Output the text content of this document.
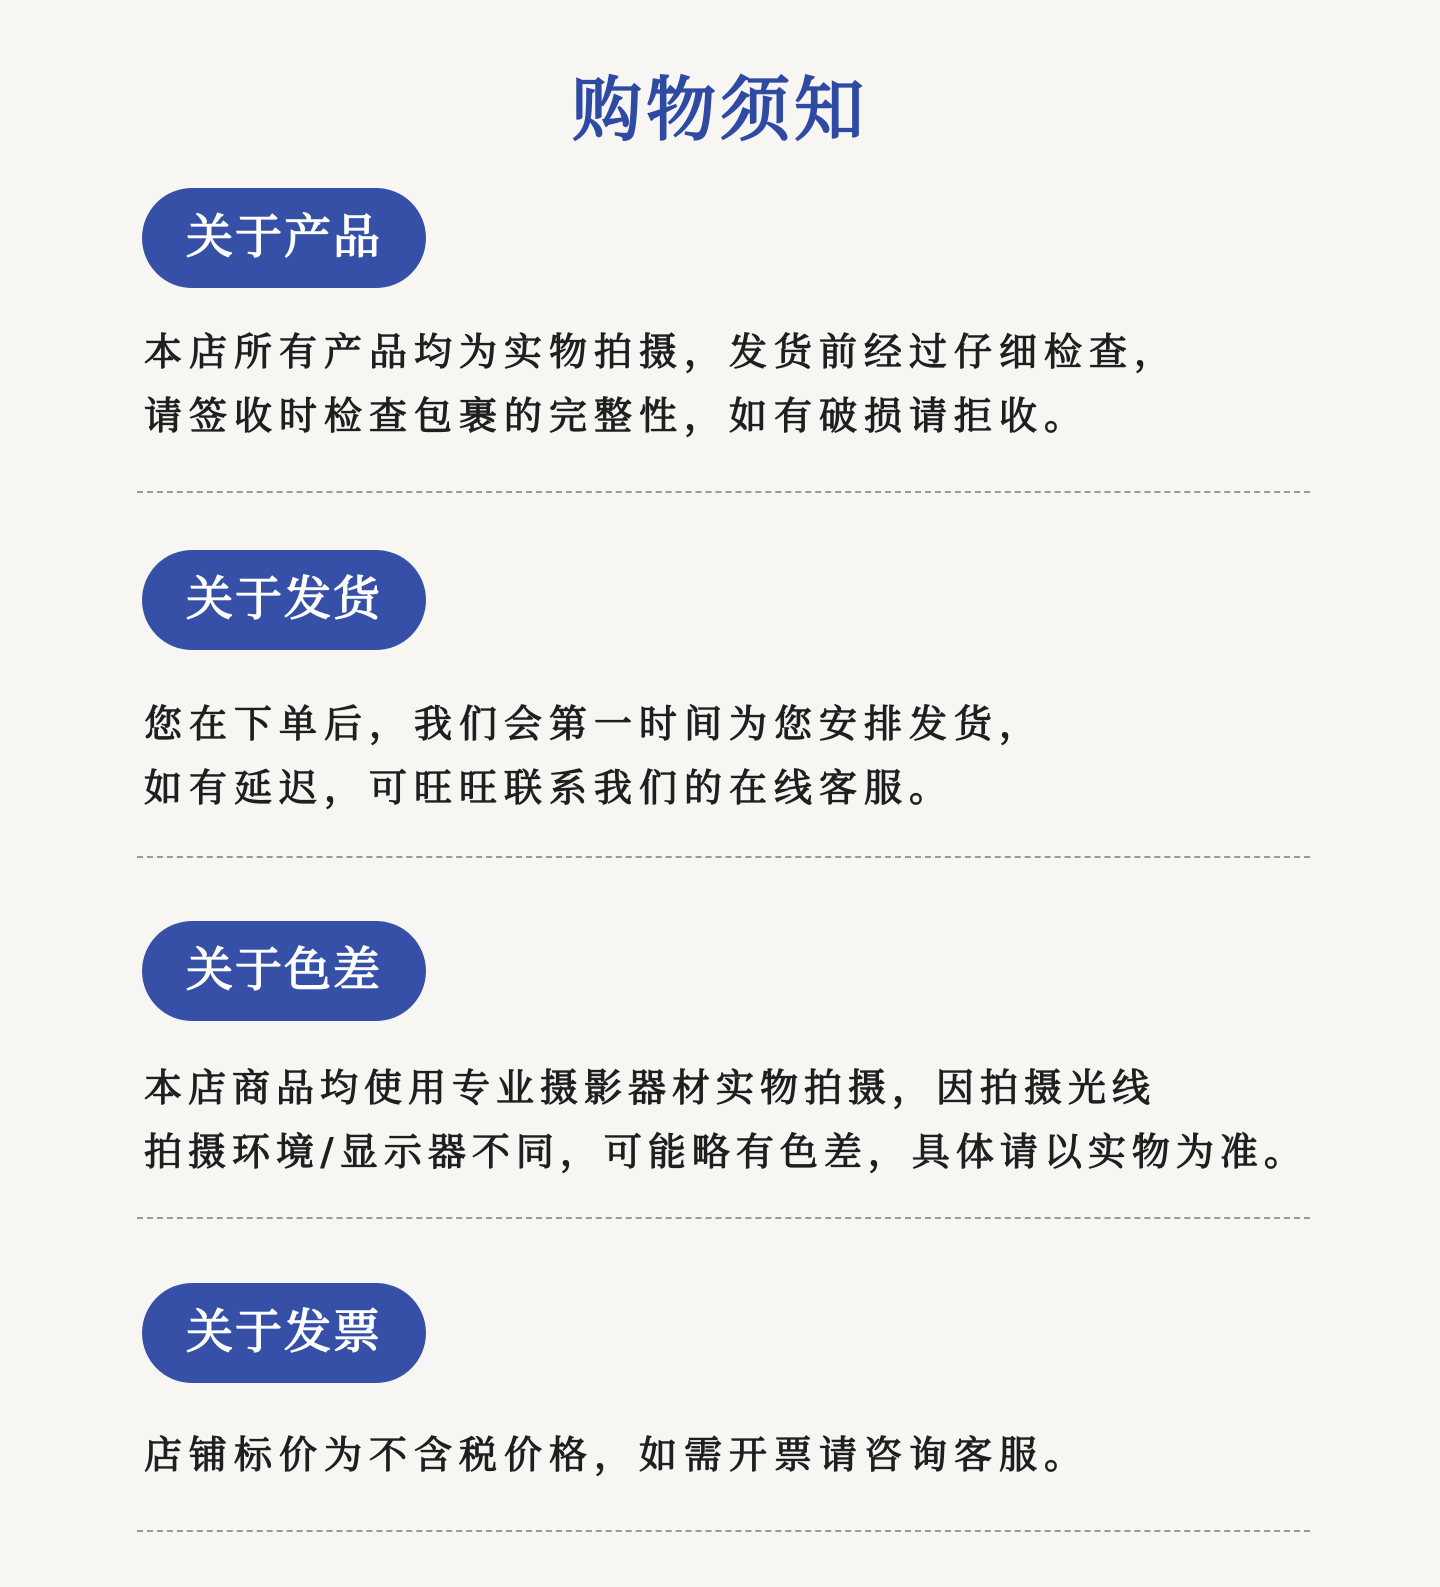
购物须知
关于产品

本店所有产品均为实物拍摄，发货前经过仔细检查，
请签收时检查包裹的完整性，如有破损请拒收。

关于发货

您在下单后，我们会第一时间为您安排发货，
如有延迟，可旺旺联系我们的在线客服。

关于色差

本店商品均使用专业摄影器材实物拍摄，因拍摄光线
拍摄环境/显示器不同，可能略有色差，具体请以实物为准。

关于发票

店铺标价为不含税价格，如需开票请咨询客服。
